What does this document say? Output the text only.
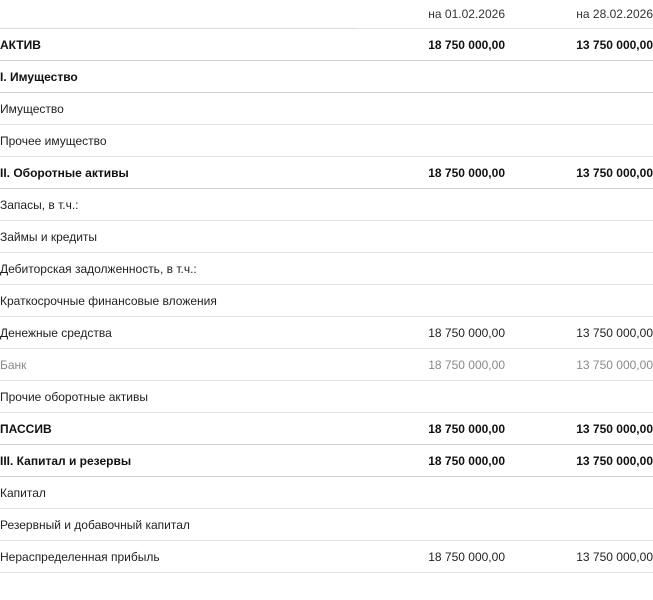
	на 01.02.2026	на 28.02.2026
АКТИВ	18 750 000,00	13 750 000,00
I. Имущество		
Имущество		
Прочее имущество		
II. Оборотные активы	18 750 000,00	13 750 000,00
Запасы, в т.ч.:		
Займы и кредиты		
Дебиторская задолженность, в т.ч.:		
Краткосрочные финансовые вложения		
Денежные средства	18 750 000,00	13 750 000,00
Банк	18 750 000,00	13 750 000,00
Прочие оборотные активы		
ПАССИВ	18 750 000,00	13 750 000,00
III. Капитал и резервы	18 750 000,00	13 750 000,00
Капитал		
Резервный и добавочный капитал		
Нераспределенная прибыль	18 750 000,00	13 750 000,00
